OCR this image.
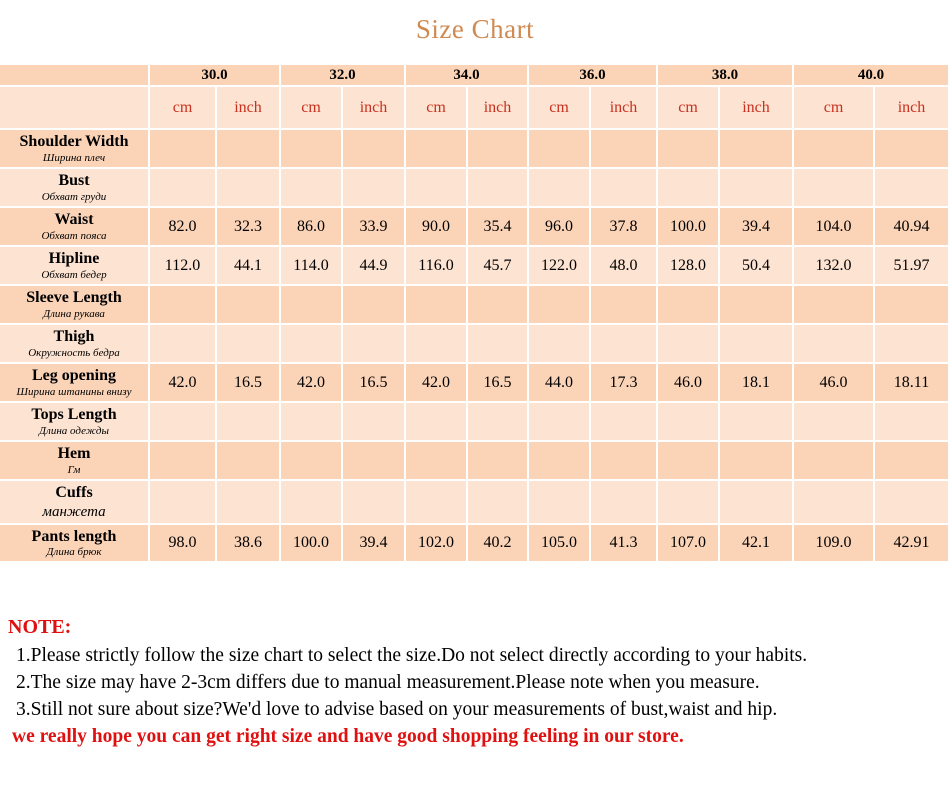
Size Chart
	30.0		32.0		34.0		36.0		38.0		40.0	
	cm	inch	cm	inch	cm	inch	cm	inch	cm	inch	cm	inch

Shoulder Width
Ширина плеч												

Bust
Обхват груди												

Waist
Обхват пояса	82.0	32.3	86.0	33.9	90.0	35.4	96.0	37.8	100.0	39.4	104.0	40.94

Hipline
Обхват бедер	112.0	44.1	114.0	44.9	116.0	45.7	122.0	48.0	128.0	50.4	132.0	51.97

Sleeve Length
Длина рукава												

Thigh
Окружность бедра												

Leg opening
Ширина штанины внизу	42.0	16.5	42.0	16.5	42.0	16.5	44.0	17.3	46.0	18.1	46.0	18.11

Tops Length
Длина одежды												

Hem
Гм												

Cuffs
манжета												

Pants length
Длина брюк	98.0	38.6	100.0	39.4	102.0	40.2	105.0	41.3	107.0	42.1	109.0	42.91
NOTE:
1.Please strictly follow the size chart to select the size.Do not select directly according to your habits.
2.The size may have 2-3cm differs due to manual measurement.Please note when you measure.
3.Still not sure about size?We'd love to advise based on your measurements of bust,waist and hip.
we really hope you can get right size and have good shopping feeling in our store.
